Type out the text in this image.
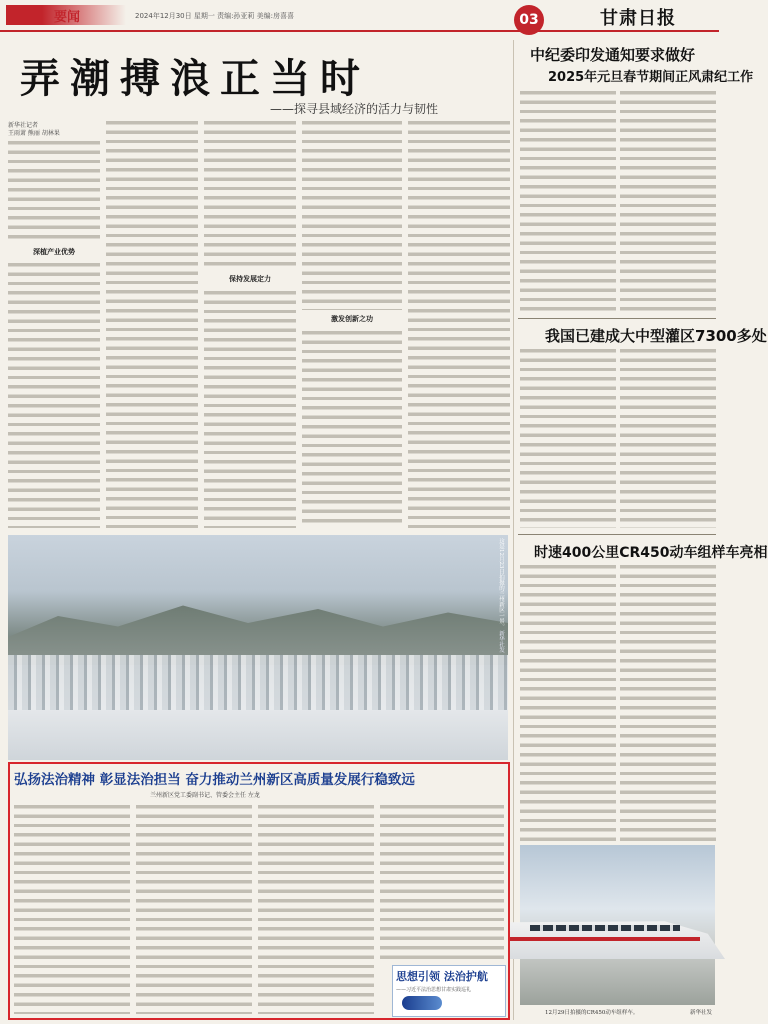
要闻	2024年12月30日 星期一 责编:孙亚莉 美编:房喜喜	03	甘肃日报
弄潮搏浪正当时
——探寻县域经济的活力与韧性
新华社记者
王雨萧 熊丽 胡林果
深植产业优势
保持发展定力
激发创新之功
这是12月23日拍摄的兰州新区一景。 新华社发
弘扬法治精神 彰显法治担当 奋力推动兰州新区高质量发展行稳致远
兰州新区党工委副书记、管委会主任 左龙
思想引领 法治护航
——习近平法治思想甘肃实践巡礼
中纪委印发通知要求做好
2025年元旦春节期间正风肃纪工作
我国已建成大中型灌区7300多处
时速400公里CR450动车组样车亮相
12月29日拍摄的CR450动车组样车。	新华社发
